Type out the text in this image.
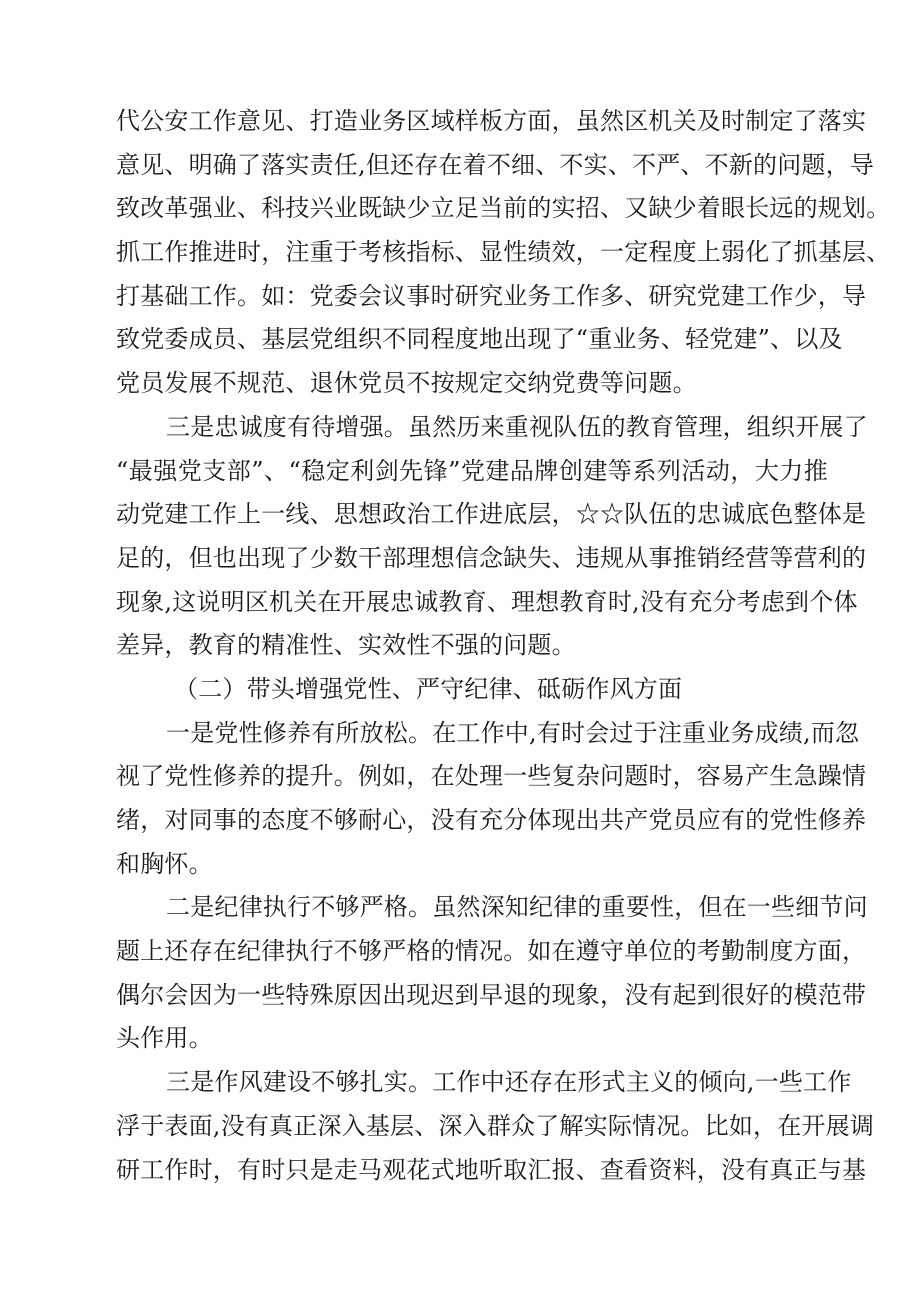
代公安工作意见、打造业务区域样板方面，虽然区机关及时制定了落实
意见、明确了落实责任,但还存在着不细、不实、不严、不新的问题，导
致改革强业、科技兴业既缺少立足当前的实招、又缺少着眼长远的规划。
抓工作推进时，注重于考核指标、显性绩效，一定程度上弱化了抓基层、
打基础工作。如：党委会议事时研究业务工作多、研究党建工作少，导
致党委成员、基层党组织不同程度地出现了“重业务、轻党建”、以及
党员发展不规范、退休党员不按规定交纳党费等问题。
三是忠诚度有待增强。虽然历来重视队伍的教育管理，组织开展了
“最强党支部”、“稳定利剑先锋”党建品牌创建等系列活动，大力推
动党建工作上一线、思想政治工作进底层，☆☆队伍的忠诚底色整体是
足的，但也出现了少数干部理想信念缺失、违规从事推销经营等营利的
现象,这说明区机关在开展忠诚教育、理想教育时,没有充分考虑到个体
差异，教育的精准性、实效性不强的问题。
（二）带头增强党性、严守纪律、砥砺作风方面
一是党性修养有所放松。在工作中,有时会过于注重业务成绩,而忽
视了党性修养的提升。例如，在处理一些复杂问题时，容易产生急躁情
绪，对同事的态度不够耐心，没有充分体现出共产党员应有的党性修养
和胸怀。
二是纪律执行不够严格。虽然深知纪律的重要性，但在一些细节问
题上还存在纪律执行不够严格的情况。如在遵守单位的考勤制度方面，
偶尔会因为一些特殊原因出现迟到早退的现象，没有起到很好的模范带
头作用。
三是作风建设不够扎实。工作中还存在形式主义的倾向,一些工作
浮于表面,没有真正深入基层、深入群众了解实际情况。比如，在开展调
研工作时，有时只是走马观花式地听取汇报、查看资料，没有真正与基
